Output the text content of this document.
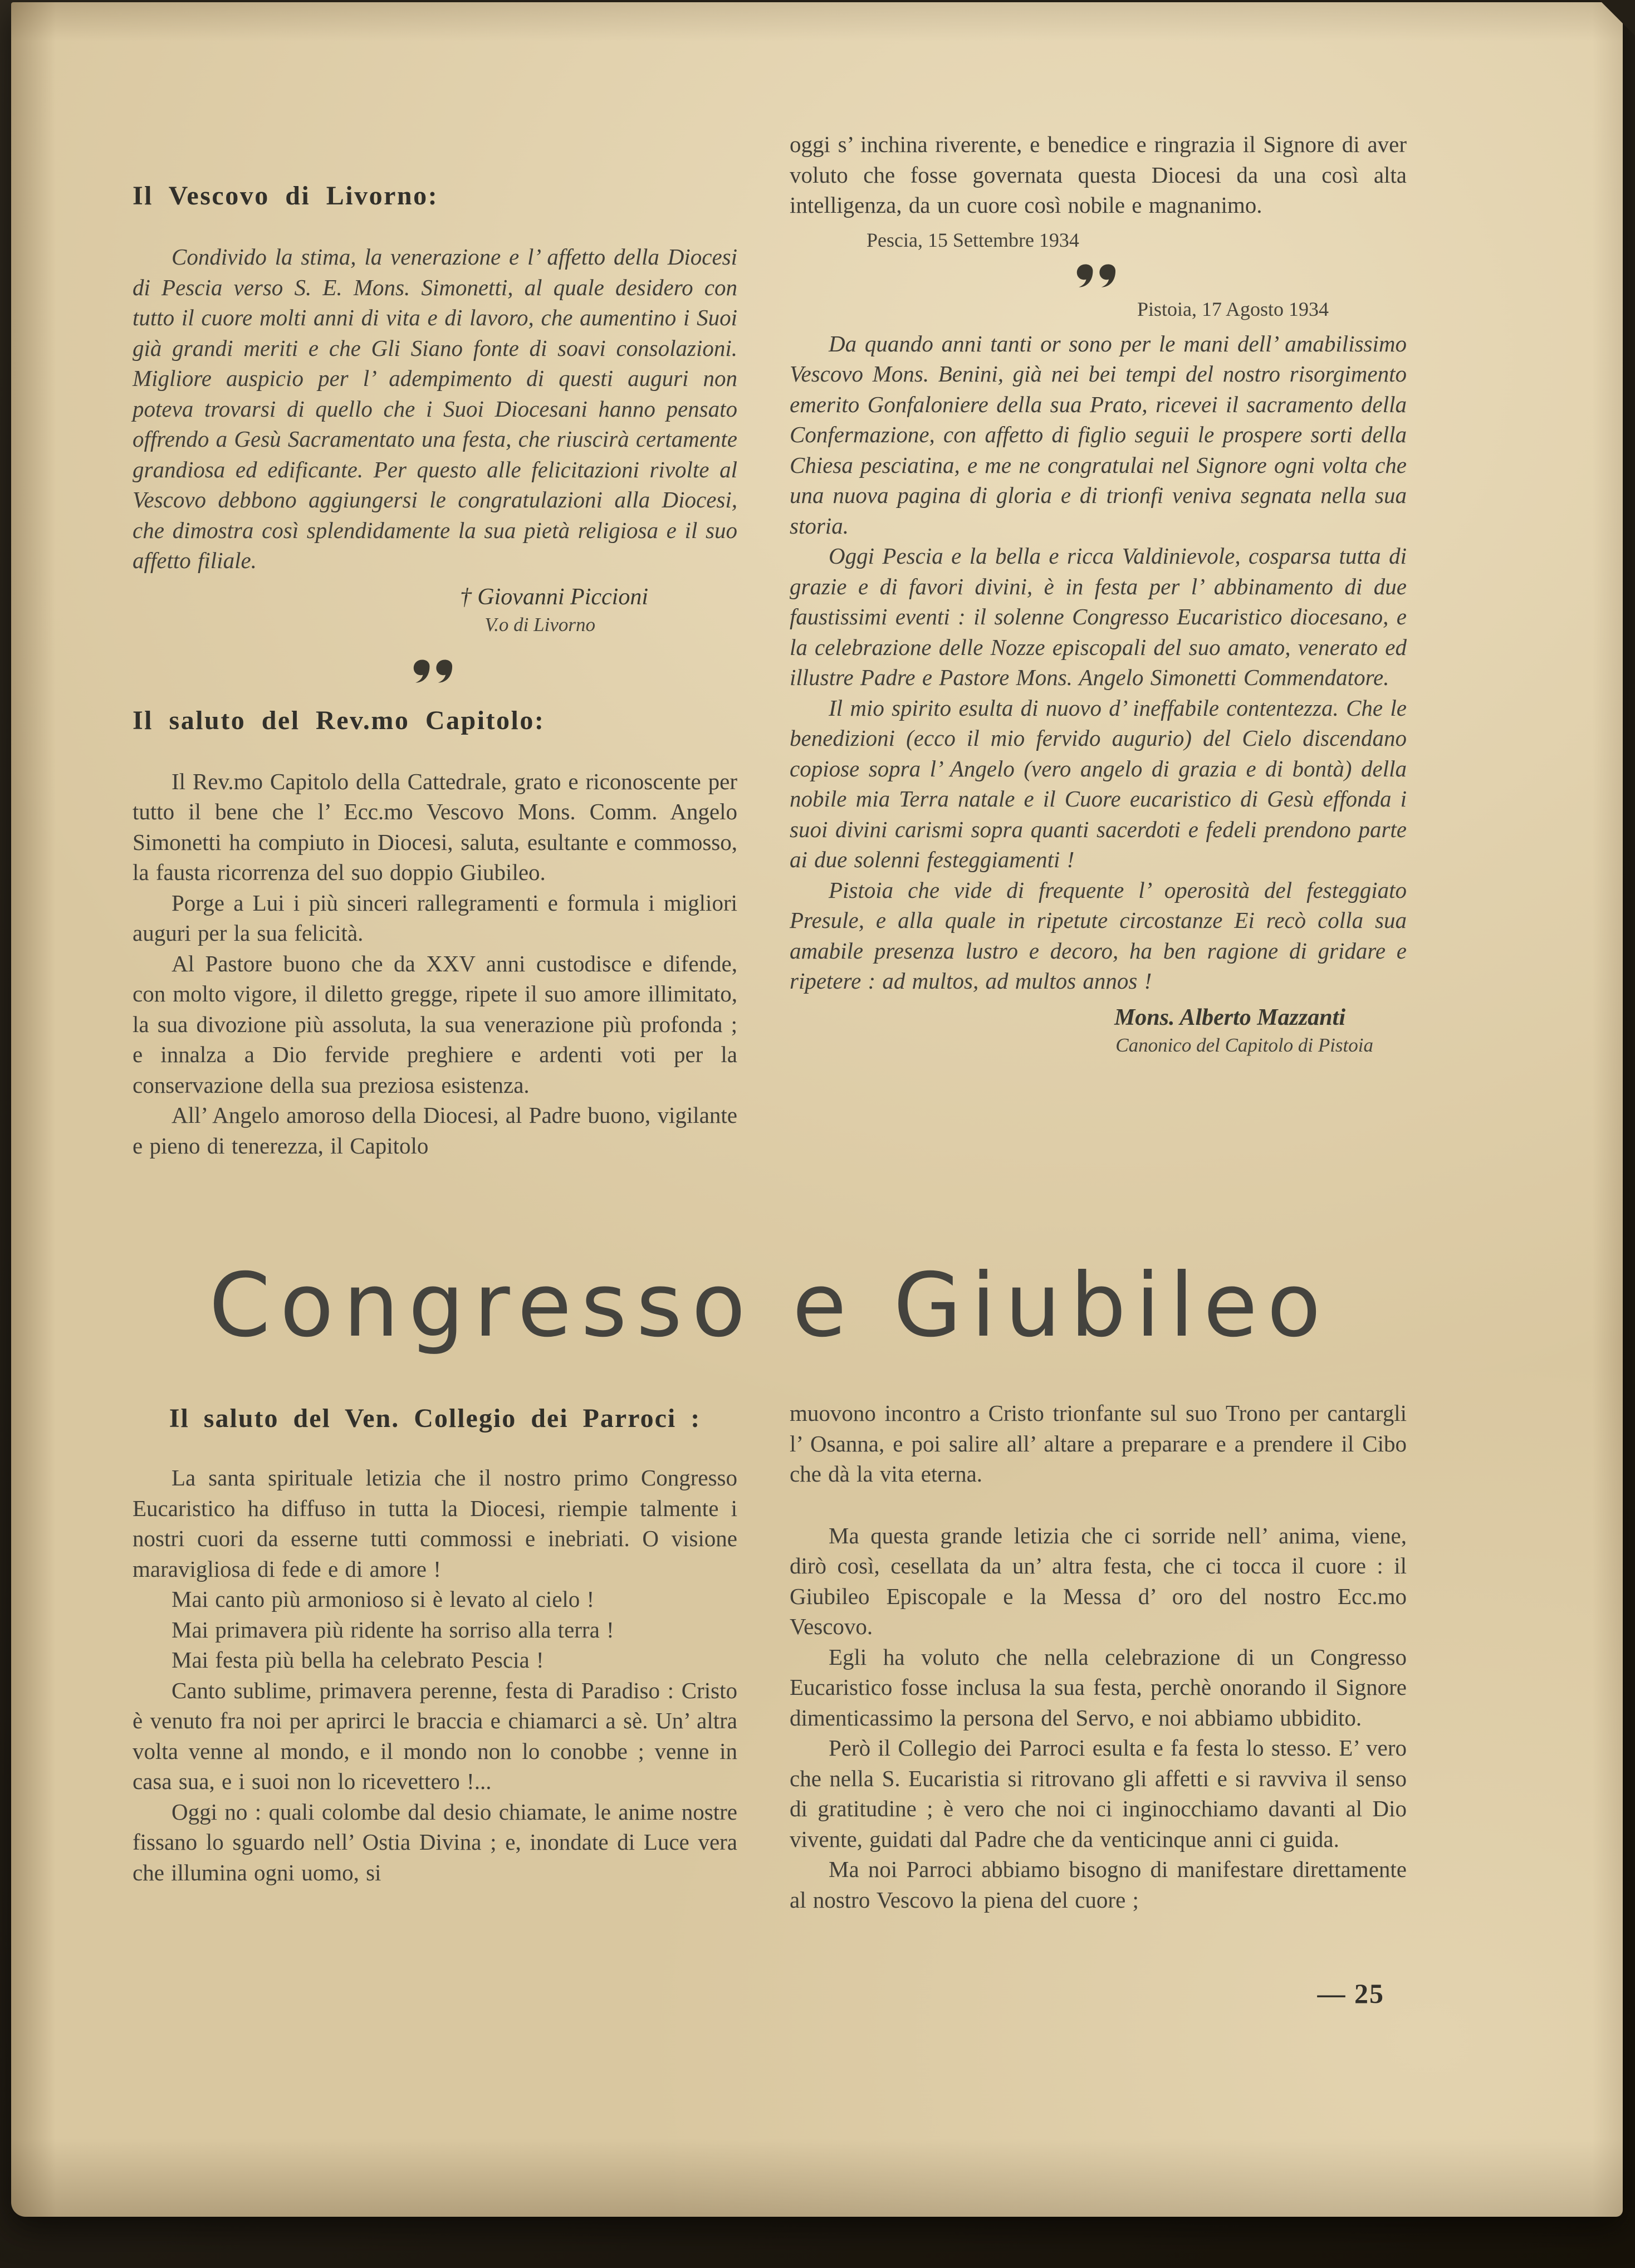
Il Vescovo di Livorno:

Condivido la stima, la venerazione e l’ affetto della Diocesi di Pescia verso S. E. Mons. Simonetti, al quale desidero con tutto il cuore molti anni di vita e di lavoro, che aumentino i Suoi già grandi meriti e che Gli Siano fonte di soavi consolazioni. Migliore auspicio per l’ adempimento di questi auguri non poteva trovarsi di quello che i Suoi Diocesani hanno pensato offrendo a Gesù Sacramentato una festa, che riuscirà certamente grandiosa ed edificante. Per questo alle felicitazioni rivolte al Vescovo debbono aggiungersi le congratulazioni alla Diocesi, che dimostra così splendidamente la sua pietà religiosa e il suo affetto filiale.

† Giovanni Piccioni
V.o di Livorno
Il saluto del Rev.mo Capitolo:

Il Rev.mo Capitolo della Cattedrale, grato e riconoscente per tutto il bene che l’ Ecc.mo Vescovo Mons. Comm. Angelo Simonetti ha compiuto in Diocesi, saluta, esultante e commosso, la fausta ricorrenza del suo doppio Giubileo.

Porge a Lui i più sinceri rallegramenti e formula i migliori auguri per la sua felicità.

Al Pastore buono che da XXV anni custodisce e difende, con molto vigore, il diletto gregge, ripete il suo amore illimitato, la sua divozione più assoluta, la sua venerazione più profonda ; e innalza a Dio fervide preghiere e ardenti voti per la conservazione della sua preziosa esistenza.

All’ Angelo amoroso della Diocesi, al Padre buono, vigilante e pieno di tenerezza, il Capitolo

oggi s’ inchina riverente, e benedice e ringrazia il Signore di aver voluto che fosse governata questa Diocesi da una così alta intelligenza, da un cuore così nobile e magnanimo.

Pescia, 15 Settembre 1934
Pistoia, 17 Agosto 1934

Da quando anni tanti or sono per le mani dell’ amabilissimo Vescovo Mons. Benini, già nei bei tempi del nostro risorgimento emerito Gonfaloniere della sua Prato, ricevei il sacramento della Confermazione, con affetto di figlio seguii le prospere sorti della Chiesa pesciatina, e me ne congratulai nel Signore ogni volta che una nuova pagina di gloria e di trionfi veniva segnata nella sua storia.

Oggi Pescia e la bella e ricca Valdinievole, cosparsa tutta di grazie e di favori divini, è in festa per l’ abbinamento di due faustissimi eventi : il solenne Congresso Eucaristico diocesano, e la celebrazione delle Nozze episcopali del suo amato, venerato ed illustre Padre e Pastore Mons. Angelo Simonetti Commendatore.

Il mio spirito esulta di nuovo d’ ineffabile contentezza. Che le benedizioni (ecco il mio fervido augurio) del Cielo discendano copiose sopra l’ Angelo (vero angelo di grazia e di bontà) della nobile mia Terra natale e il Cuore eucaristico di Gesù effonda i suoi divini carismi sopra quanti sacerdoti e fedeli prendono parte ai due solenni festeggiamenti !

Pistoia che vide di frequente l’ operosità del festeggiato Presule, e alla quale in ripetute circostanze Ei recò colla sua amabile presenza lustro e decoro, ha ben ragione di gridare e ripetere : ad multos, ad multos annos !

Mons. Alberto Mazzanti
Canonico del Capitolo di Pistoia
Congresso e Giubileo
Il saluto del Ven. Collegio dei Parroci :

La santa spirituale letizia che il nostro primo Congresso Eucaristico ha diffuso in tutta la Diocesi, riempie talmente i nostri cuori da esserne tutti commossi e inebriati. O visione maravigliosa di fede e di amore !

Mai canto più armonioso si è levato al cielo !

Mai primavera più ridente ha sorriso alla terra !

Mai festa più bella ha celebrato Pescia !

Canto sublime, primavera perenne, festa di Paradiso : Cristo è venuto fra noi per aprirci le braccia e chiamarci a sè. Un’ altra volta venne al mondo, e il mondo non lo conobbe ; venne in casa sua, e i suoi non lo ricevettero !...

Oggi no : quali colombe dal desio chiamate, le anime nostre fissano lo sguardo nell’ Ostia Divina ; e, inondate di Luce vera che illumina ogni uomo, si

muovono incontro a Cristo trionfante sul suo Trono per cantargli l’ Osanna, e poi salire all’ altare a preparare e a prendere il Cibo che dà la vita eterna.

Ma questa grande letizia che ci sorride nell’ anima, viene, dirò così, cesellata da un’ altra festa, che ci tocca il cuore : il Giubileo Episcopale e la Messa d’ oro del nostro Ecc.mo Vescovo.

Egli ha voluto che nella celebrazione di un Congresso Eucaristico fosse inclusa la sua festa, perchè onorando il Signore dimenticassimo la persona del Servo, e noi abbiamo ubbidito.

Però il Collegio dei Parroci esulta e fa festa lo stesso. E’ vero che nella S. Eucaristia si ritrovano gli affetti e si ravviva il senso di gratitudine ; è vero che noi ci inginocchiamo davanti al Dio vivente, guidati dal Padre che da venticinque anni ci guida.

Ma noi Parroci abbiamo bisogno di manifestare direttamente al nostro Vescovo la piena del cuore ;

— 25
